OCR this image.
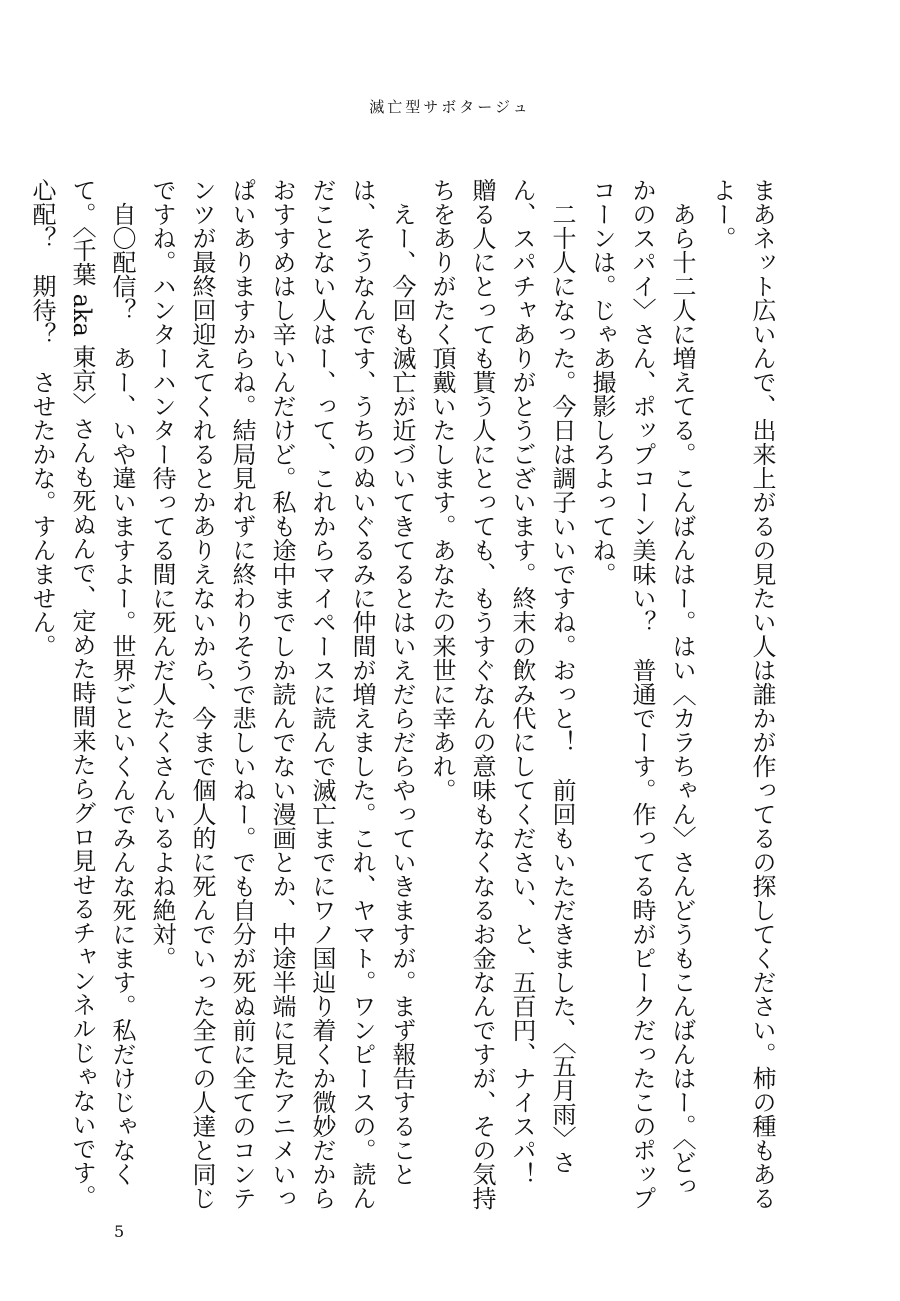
滅亡型サボタージュ

まあネット広いんで、出来上がるの見たい人は誰かが作ってるの探してください。柿の種もあるよー。

あら十二人に増えてる。こんばんはー。はい〈カラちゃん〉さんどうもこんばんはー。〈どっかのスパイ〉さん、ポップコーン美味い？　普通でーす。作ってる時がピークだったこのポップコーンは。じゃあ撮影しろよってね。

二十人になった。今日は調子いいですね。おっと！　前回もいただきました、〈五月雨〉さん、スパチャありがとうございます。終末の飲み代にしてください、と、五百円、ナイスパ！　贈る人にとっても貰う人にとっても、もうすぐなんの意味もなくなるお金なんですが、その気持ちをありがたく頂戴いたします。あなたの来世に幸あれ。

えー、今回も滅亡が近づいてきてるとはいえだらだらやっていきますが。まず報告することは、そうなんです、うちのぬいぐるみに仲間が増えました。これ、ヤマト。ワンピースの。読んだことない人はー、って、これからマイペースに読んで滅亡までにワノ国辿り着くか微妙だからおすすめはし辛いんだけど。私も途中までしか読んでない漫画とか、中途半端に見たアニメいっぱいありますからね。結局見れずに終わりそうで悲しいねー。でも自分が死ぬ前に全てのコンテンツが最終回迎えてくれるとかありえないから、今まで個人的に死んでいった全ての人達と同じですね。ハンターハンター待ってる間に死んだ人たくさんいるよね絶対。

自〇配信？　あー、いや違いますよー。世界ごといくんでみんな死にます。私だけじゃなくて。〈千葉 aka 東京〉さんも死ぬんで、定めた時間来たらグロ見せるチャンネルじゃないです。心配？　期待？　させたかな。すんません。

5
